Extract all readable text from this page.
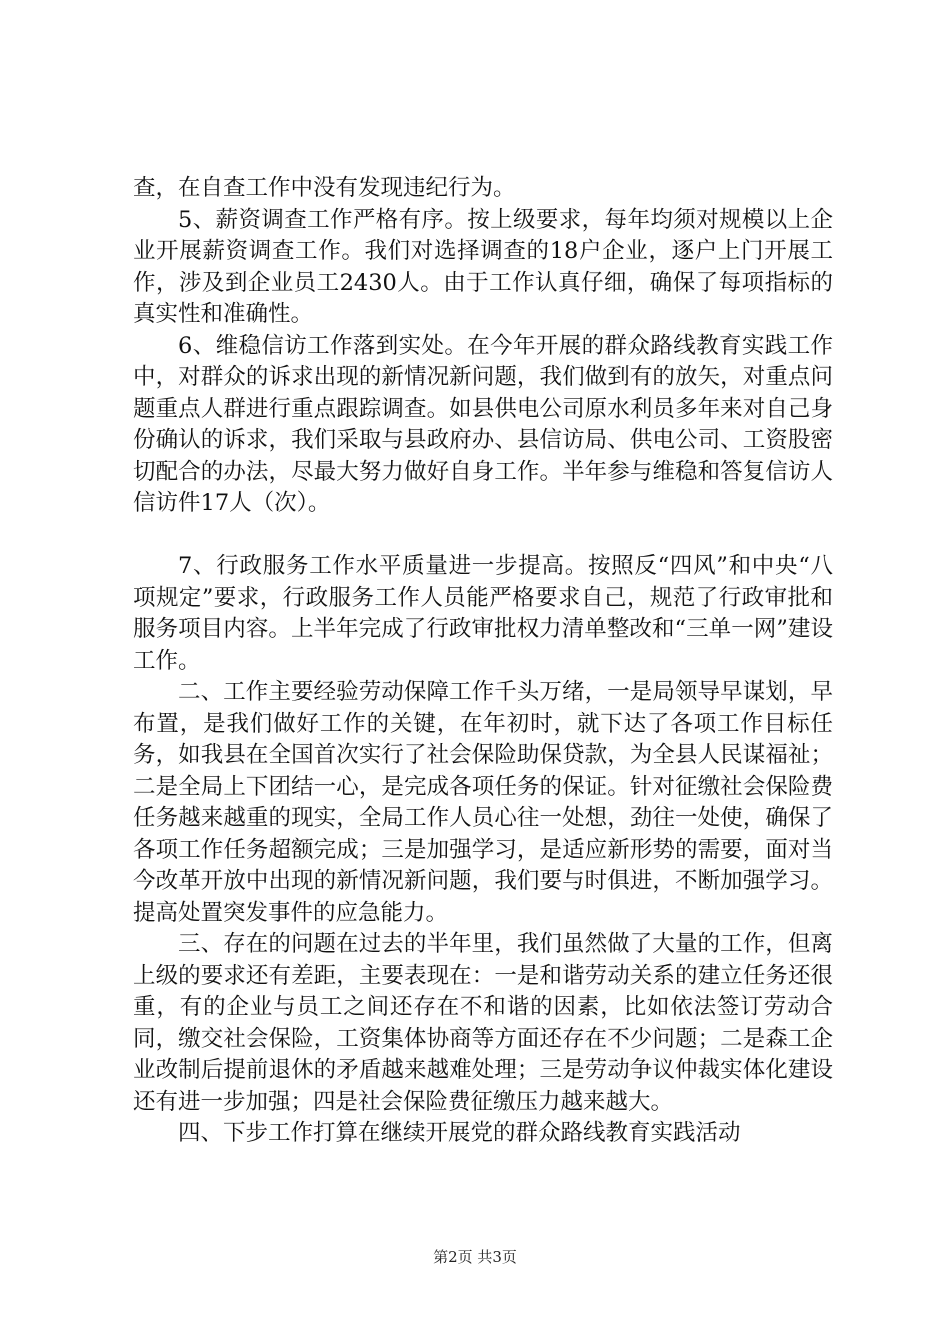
查，在自查工作中没有发现违纪行为。

5、薪资调查工作严格有序。按上级要求，每年均须对规模以上企业开展薪资调查工作。我们对选择调查的18户企业，逐户上门开展工作，涉及到企业员工2430人。由于工作认真仔细，确保了每项指标的真实性和准确性。

6、维稳信访工作落到实处。在今年开展的群众路线教育实践工作中，对群众的诉求出现的新情况新问题，我们做到有的放矢，对重点问题重点人群进行重点跟踪调查。如县供电公司原水利员多年来对自己身份确认的诉求，我们采取与县政府办、县信访局、供电公司、工资股密切配合的办法，尽最大努力做好自身工作。半年参与维稳和答复信访人信访件17人（次）。

7、行政服务工作水平质量进一步提高。按照反“四风”和中央“八项规定”要求，行政服务工作人员能严格要求自己，规范了行政审批和服务项目内容。上半年完成了行政审批权力清单整改和“三单一网”建设工作。

二、工作主要经验劳动保障工作千头万绪，一是局领导早谋划，早布置，是我们做好工作的关键，在年初时，就下达了各项工作目标任务，如我县在全国首次实行了社会保险助保贷款，为全县人民谋福祉；二是全局上下团结一心，是完成各项任务的保证。针对征缴社会保险费任务越来越重的现实，全局工作人员心往一处想，劲往一处使，确保了各项工作任务超额完成；三是加强学习，是适应新形势的需要，面对当今改革开放中出现的新情况新问题，我们要与时俱进，不断加强学习。提高处置突发事件的应急能力。

三、存在的问题在过去的半年里，我们虽然做了大量的工作，但离上级的要求还有差距，主要表现在：一是和谐劳动关系的建立任务还很重，有的企业与员工之间还存在不和谐的因素，比如依法签订劳动合同，缴交社会保险，工资集体协商等方面还存在不少问题；二是森工企业改制后提前退休的矛盾越来越难处理；三是劳动争议仲裁实体化建设还有进一步加强；四是社会保险费征缴压力越来越大。

四、下步工作打算在继续开展党的群众路线教育实践活动

第2页 共3页
